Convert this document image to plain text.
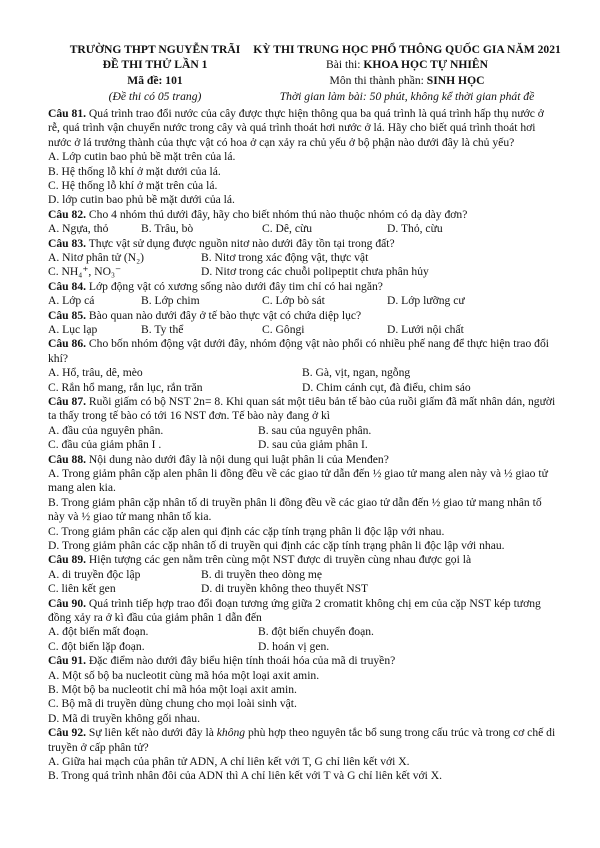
TRƯỜNG THPT NGUYỄN TRÃI
ĐỀ THI THỬ LẦN 1
Mã đề: 101
(Đề thi có 05 trang)
KỲ THI TRUNG HỌC PHỔ THÔNG QUỐC GIA NĂM 2021
Bài thi: KHOA HỌC TỰ NHIÊN
Môn thi thành phần: SINH HỌC
Thời gian làm bài: 50 phút, không kể thời gian phát đề

Câu 81. Quá trình trao đổi nước của cây được thực hiện thông qua ba quá trình là quá trình hấp thụ nước ở rễ, quá trình vận chuyển nước trong cây và quá trình thoát hơi nước ở lá. Hãy cho biết quá trình thoát hơi nước ở lá trưởng thành của thực vật có hoa ở cạn xảy ra chủ yếu ở bộ phận nào dưới đây là chủ yếu?

A. Lớp cutin bao phủ bề mặt trên của lá.

B. Hệ thống lỗ khí ở mặt dưới của lá.

C. Hệ thống lỗ khí ở mặt trên của lá.

D. lớp cutin bao phủ bề mặt dưới của lá.

Câu 82. Cho 4 nhóm thú dưới đây, hãy cho biết nhóm thú nào thuộc nhóm có dạ dày đơn?

A. Ngựa, thỏ	B. Trâu, bò	C. Dê, cừu	D. Thỏ, cừu

Câu 83. Thực vật sử dụng được nguồn nitơ nào dưới đây tồn tại trong đất?

A. Nitơ phân tử (N₂)	B. Nitơ trong xác động vật, thực vật
C. NH₄⁺, NO₃⁻	D. Nitơ trong các chuỗi polipeptit chưa phân hủy

Câu 84. Lớp động vật có xương sống nào dưới đây tim chỉ có hai ngăn?

A. Lớp cá	B. Lớp chim	C. Lớp bò sát	D. Lớp lưỡng cư

Câu 85. Bào quan nào dưới đây ở tế bào thực vật có chứa diệp lục?

A. Lục lạp	B. Ty thể	C. Gôngi	D. Lưới nội chất

Câu 86. Cho bốn nhóm động vật dưới đây, nhóm động vật nào phổi có nhiều phế nang để thực hiện trao đổi khí?

A. Hổ, trâu, dê, mèo	B. Gà, vịt, ngan, ngỗng
C. Rắn hổ mang, rắn lục, rắn trăn	D. Chim cánh cụt, đà điểu, chim sáo

Câu 87. Ruồi giấm có bộ NST 2n= 8. Khi quan sát một tiêu bản tế bào của ruồi giấm đã mất nhân dán, người ta thấy trong tế bào có tới 16 NST đơn. Tế bào này đang ở kì

A. đầu của nguyên phân.	B. sau của nguyên phân.
C. đầu của giảm phân I .	D. sau của giảm phân I.

Câu 88. Nội dung nào dưới đây là nội dung qui luật phân li của Menđen?

A. Trong giảm phân cặp alen phân li đồng đều về các giao tử dẫn đến ½ giao tử mang alen này và ½ giao tử mang alen kia.

B. Trong giảm phân cặp nhân tố di truyền phân li đồng đều về các giao tử dẫn đến ½ giao tử mang nhân tố này và ½ giao tử mang nhân tố kia.

C. Trong giảm phân các cặp alen qui định các cặp tính trạng phân li độc lập với nhau.

D. Trong giảm phân các cặp nhân tố di truyền qui định các cặp tính trạng phân li độc lập với nhau.

Câu 89. Hiện tượng các gen nằm trên cùng một NST được di truyền cùng nhau được gọi là

A. di truyền độc lập	B. di truyền theo dòng mẹ
C. liên kết gen	D. di truyền không theo thuyết NST

Câu 90. Quá trình tiếp hợp trao đổi đoạn tương ứng giữa 2 cromatit không chị em của cặp NST kép tương đồng xảy ra ở kì đầu của giảm phân 1 dẫn đến

A. đột biến mất đoạn.	B. đột biến chuyển đoạn.
C. đột biến lặp đoạn.	D. hoán vị gen.

Câu 91. Đặc điểm nào dưới đây biểu hiện tính thoái hóa của mã di truyền?

A. Một số bộ ba nucleotit cùng mã hóa một loại axit amin.

B. Một bộ ba nucleotit chỉ mã hóa một loại axit amin.

C. Bộ mã di truyền dùng chung cho mọi loài sinh vật.

D. Mã di truyền không gối nhau.

Câu 92. Sự liên kết nào dưới đây là không phù hợp theo nguyên tắc bổ sung trong cấu trúc và trong cơ chế di truyền ở cấp phân tử?

A. Giữa hai mạch của phân tử ADN, A chỉ liên kết với T, G chỉ liên kết với X.

B. Trong quá trình nhân đôi của ADN thì A chỉ liên kết với T và G chỉ liên kết với X.
